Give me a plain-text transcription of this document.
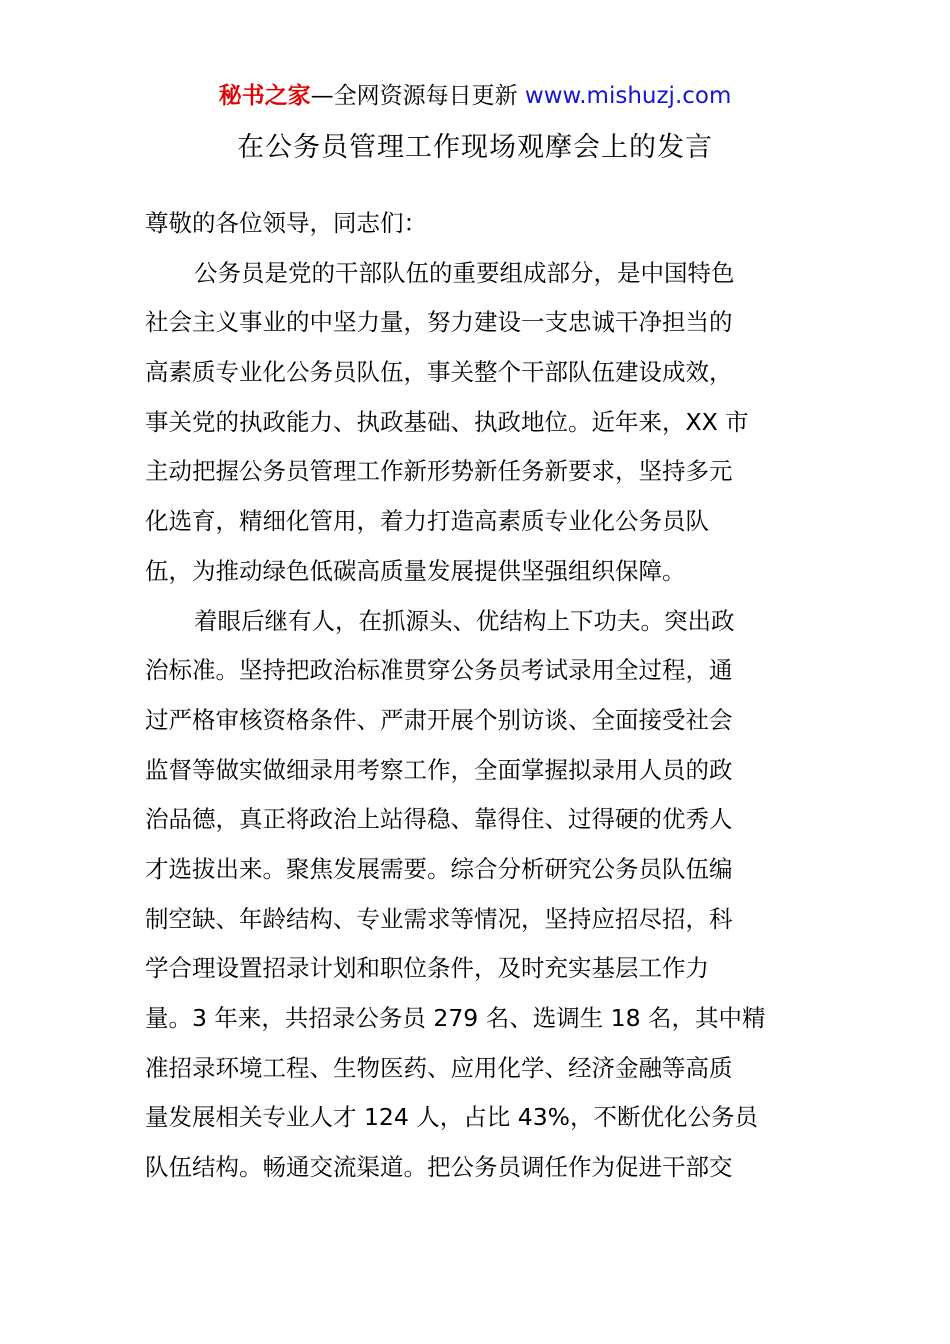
秘书之家—全网资源每日更新 www.mishuzj.com
在公务员管理工作现场观摩会上的发言

尊敬的各位领导，同志们：

公务员是党的干部队伍的重要组成部分，是中国特色

社会主义事业的中坚力量，努力建设一支忠诚干净担当的

高素质专业化公务员队伍，事关整个干部队伍建设成效，

事关党的执政能力、执政基础、执政地位。近年来，XX 市

主动把握公务员管理工作新形势新任务新要求，坚持多元

化选育，精细化管用，着力打造高素质专业化公务员队

伍，为推动绿色低碳高质量发展提供坚强组织保障。

着眼后继有人，在抓源头、优结构上下功夫。突出政

治标准。坚持把政治标准贯穿公务员考试录用全过程，通

过严格审核资格条件、严肃开展个别访谈、全面接受社会

监督等做实做细录用考察工作，全面掌握拟录用人员的政

治品德，真正将政治上站得稳、靠得住、过得硬的优秀人

才选拔出来。聚焦发展需要。综合分析研究公务员队伍编

制空缺、年龄结构、专业需求等情况，坚持应招尽招，科

学合理设置招录计划和职位条件，及时充实基层工作力

量。3 年来，共招录公务员 279 名、选调生 18 名，其中精

准招录环境工程、生物医药、应用化学、经济金融等高质

量发展相关专业人才 124 人，占比 43%，不断优化公务员

队伍结构。畅通交流渠道。把公务员调任作为促进干部交
